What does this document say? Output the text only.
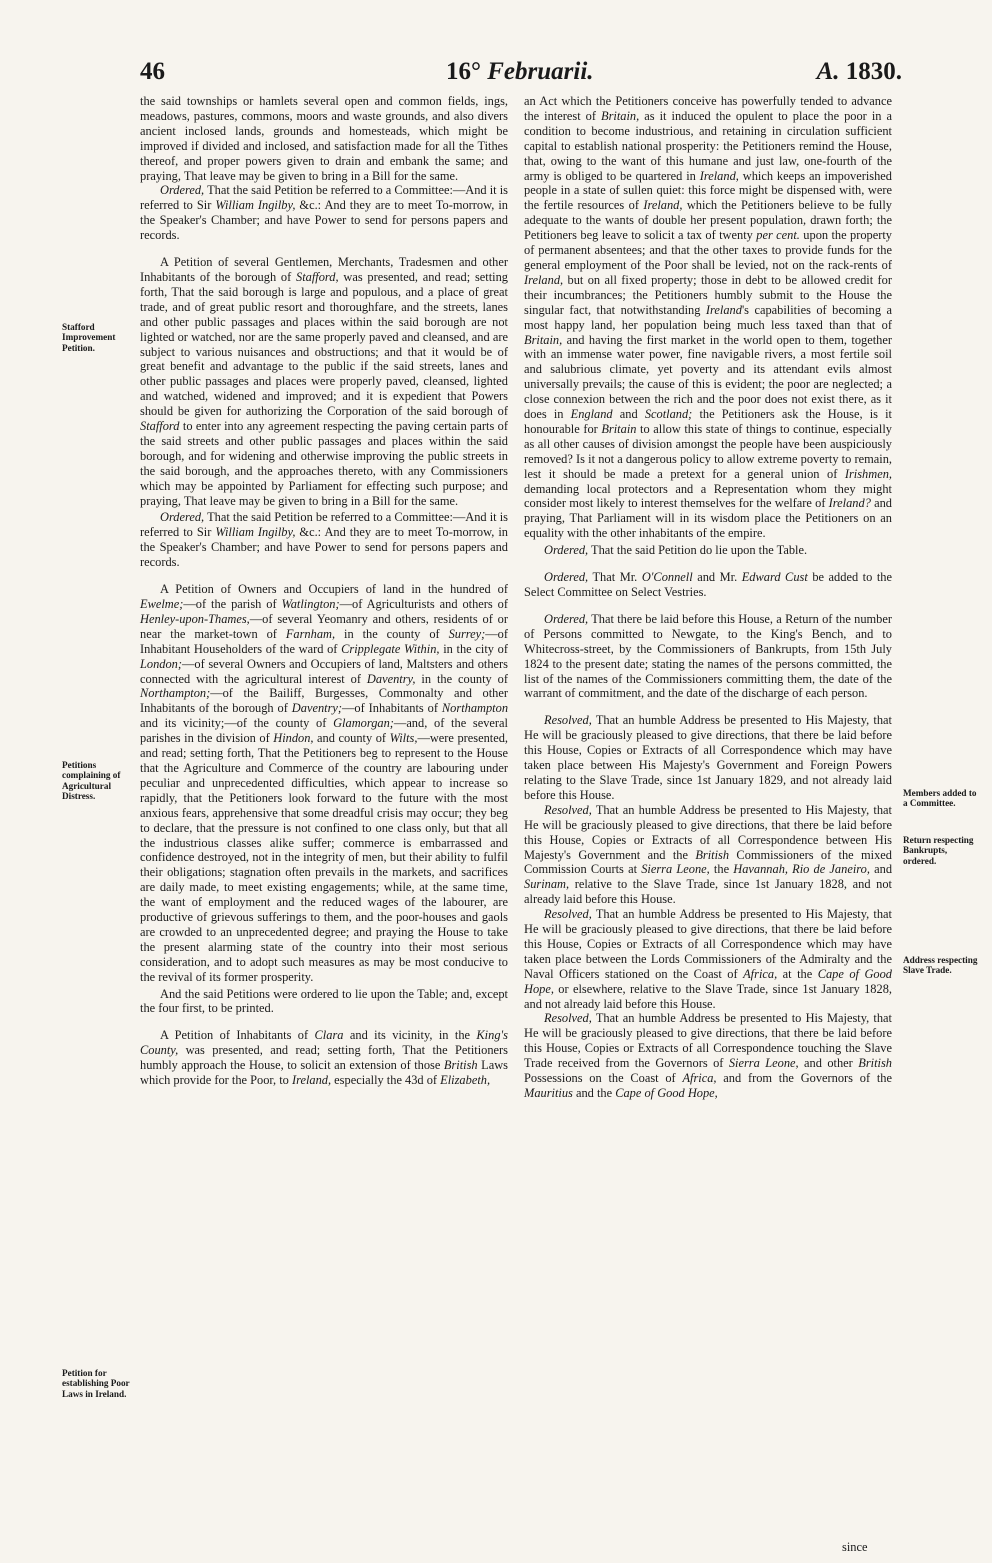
46	16° Februarii.	A. 1830.

the said townships or hamlets several open and common fields, ings, meadows, pastures, commons, moors and waste grounds, and also divers ancient inclosed lands, grounds and homesteads, which might be improved if divided and inclosed, and satisfaction made for all the Tithes thereof, and proper powers given to drain and embank the same; and praying, That leave may be given to bring in a Bill for the same.

Ordered, That the said Petition be referred to a Committee:—And it is referred to Sir William Ingilby, &c.: And they are to meet To-morrow, in the Speaker's Chamber; and have Power to send for persons papers and records.

A Petition of several Gentlemen, Merchants, Tradesmen and other Inhabitants of the borough of Stafford, was presented, and read; setting forth, That the said borough is large and populous, and a place of great trade, and of great public resort and thoroughfare, and the streets, lanes and other public passages and places within the said borough are not lighted or watched, nor are the same properly paved and cleansed, and are subject to various nuisances and obstructions; and that it would be of great benefit and advantage to the public if the said streets, lanes and other public passages and places were properly paved, cleansed, lighted and watched, widened and improved; and it is expedient that Powers should be given for authorizing the Corporation of the said borough of Stafford to enter into any agreement respecting the paving certain parts of the said streets and other public passages and places within the said borough, and for widening and otherwise improving the public streets in the said borough, and the approaches thereto, with any Commissioners which may be appointed by Parliament for effecting such purpose; and praying, That leave may be given to bring in a Bill for the same.

Ordered, That the said Petition be referred to a Committee:—And it is referred to Sir William Ingilby, &c.: And they are to meet To-morrow, in the Speaker's Chamber; and have Power to send for persons papers and records.

A Petition of Owners and Occupiers of land in the hundred of Ewelme;—of the parish of Watlington;—of Agriculturists and others of Henley-upon-Thames,—of several Yeomanry and others, residents of or near the market-town of Farnham, in the county of Surrey;—of Inhabitant Householders of the ward of Cripplegate Within, in the city of London;—of several Owners and Occupiers of land, Maltsters and others connected with the agricultural interest of Daventry, in the county of Northampton;—of the Bailiff, Burgesses, Commonalty and other Inhabitants of the borough of Daventry;—of Inhabitants of Northampton and its vicinity;—of the county of Glamorgan;—and, of the several parishes in the division of Hindon, and county of Wilts,—were presented, and read; setting forth, That the Petitioners beg to represent to the House that the Agriculture and Commerce of the country are labouring under peculiar and unprecedented difficulties, which appear to increase so rapidly, that the Petitioners look forward to the future with the most anxious fears, apprehensive that some dreadful crisis may occur; they beg to declare, that the pressure is not confined to one class only, but that all the industrious classes alike suffer; commerce is embarrassed and confidence destroyed, not in the integrity of men, but their ability to fulfil their obligations; stagnation often prevails in the markets, and sacrifices are daily made, to meet existing engagements; while, at the same time, the want of employment and the reduced wages of the labourer, are productive of grievous sufferings to them, and the poor-houses and gaols are crowded to an unprecedented degree; and praying the House to take the present alarming state of the country into their most serious consideration, and to adopt such measures as may be most conducive to the revival of its former prosperity.

And the said Petitions were ordered to lie upon the Table; and, except the four first, to be printed.

A Petition of Inhabitants of Clara and its vicinity, in the King's County, was presented, and read; setting forth, That the Petitioners humbly approach the House, to solicit an extension of those British Laws which provide for the Poor, to Ireland, especially the 43d of Elizabeth,

an Act which the Petitioners conceive has powerfully tended to advance the interest of Britain, as it induced the opulent to place the poor in a condition to become industrious, and retaining in circulation sufficient capital to establish national prosperity: the Petitioners remind the House, that, owing to the want of this humane and just law, one-fourth of the army is obliged to be quartered in Ireland, which keeps an impoverished people in a state of sullen quiet: this force might be dispensed with, were the fertile resources of Ireland, which the Petitioners believe to be fully adequate to the wants of double her present population, drawn forth; the Petitioners beg leave to solicit a tax of twenty per cent. upon the property of permanent absentees; and that the other taxes to provide funds for the general employment of the Poor shall be levied, not on the rack-rents of Ireland, but on all fixed property; those in debt to be allowed credit for their incumbrances; the Petitioners humbly submit to the House the singular fact, that notwithstanding Ireland's capabilities of becoming a most happy land, her population being much less taxed than that of Britain, and having the first market in the world open to them, together with an immense water power, fine navigable rivers, a most fertile soil and salubrious climate, yet poverty and its attendant evils almost universally prevails; the cause of this is evident; the poor are neglected; a close connexion between the rich and the poor does not exist there, as it does in England and Scotland; the Petitioners ask the House, is it honourable for Britain to allow this state of things to continue, especially as all other causes of division amongst the people have been auspiciously removed? Is it not a dangerous policy to allow extreme poverty to remain, lest it should be made a pretext for a general union of Irishmen, demanding local protectors and a Representation whom they might consider most likely to interest themselves for the welfare of Ireland? and praying, That Parliament will in its wisdom place the Petitioners on an equality with the other inhabitants of the empire.

Ordered, That the said Petition do lie upon the Table.

Ordered, That Mr. O'Connell and Mr. Edward Cust be added to the Select Committee on Select Vestries.

Ordered, That there be laid before this House, a Return of the number of Persons committed to Newgate, to the King's Bench, and to Whitecross-street, by the Commissioners of Bankrupts, from 15th July 1824 to the present date; stating the names of the persons committed, the list of the names of the Commissioners committing them, the date of the warrant of commitment, and the date of the discharge of each person.

Resolved, That an humble Address be presented to His Majesty, that He will be graciously pleased to give directions, that there be laid before this House, Copies or Extracts of all Correspondence which may have taken place between His Majesty's Government and Foreign Powers relating to the Slave Trade, since 1st January 1829, and not already laid before this House.

Resolved, That an humble Address be presented to His Majesty, that He will be graciously pleased to give directions, that there be laid before this House, Copies or Extracts of all Correspondence between His Majesty's Government and the British Commissioners of the mixed Commission Courts at Sierra Leone, the Havannah, Rio de Janeiro, and Surinam, relative to the Slave Trade, since 1st January 1828, and not already laid before this House.

Resolved, That an humble Address be presented to His Majesty, that He will be graciously pleased to give directions, that there be laid before this House, Copies or Extracts of all Correspondence which may have taken place between the Lords Commissioners of the Admiralty and the Naval Officers stationed on the Coast of Africa, at the Cape of Good Hope, or elsewhere, relative to the Slave Trade, since 1st January 1828, and not already laid before this House.

Resolved, That an humble Address be presented to His Majesty, that He will be graciously pleased to give directions, that there be laid before this House, Copies or Extracts of all Correspondence touching the Slave Trade received from the Governors of Sierra Leone, and other British Possessions on the Coast of Africa, and from the Governors of the Mauritius and the Cape of Good Hope,

Stafford Improvement Petition.
Petitions complaining of Agricultural Distress.
Petition for establishing Poor Laws in Ireland.
Members added to a Committee.
Return respecting Bankrupts, ordered.
Address respecting Slave Trade.
since
